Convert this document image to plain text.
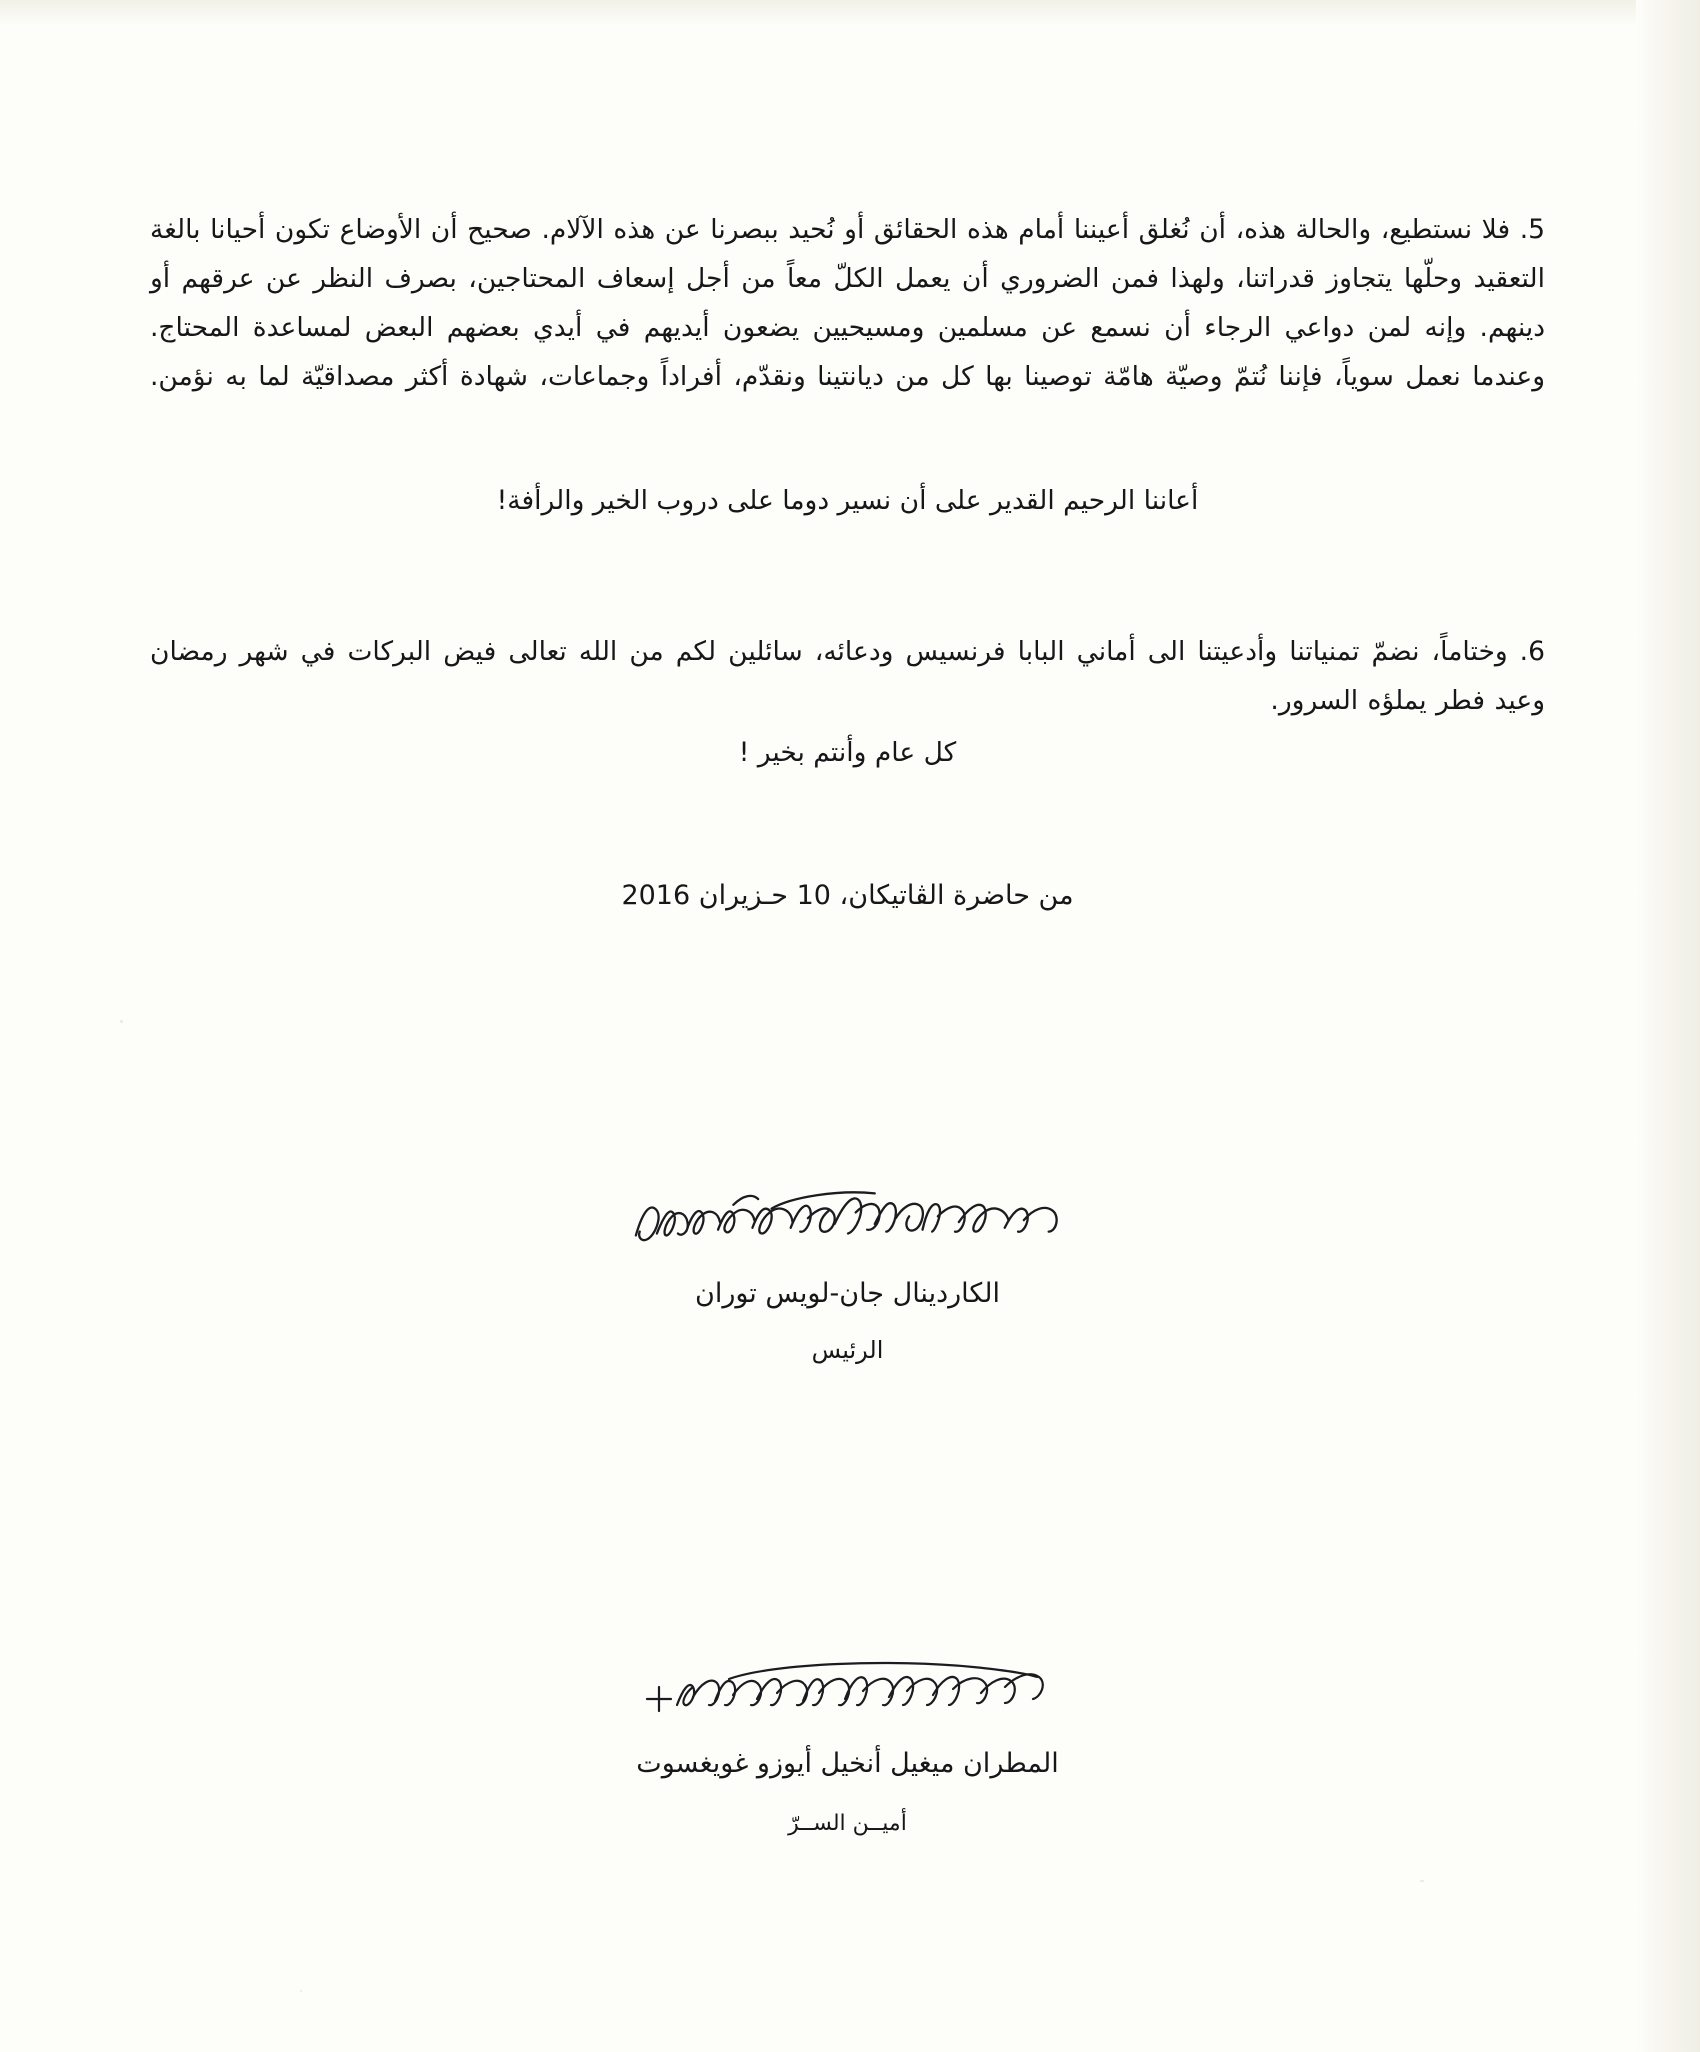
5. فلا نستطيع، والحالة هذه، أن نُغلق أعيننا أمام هذه الحقائق أو نُحيد ببصرنا عن هذه الآلام. صحيح أن الأوضاع تكون أحيانا بالغة التعقيد وحلّها يتجاوز قدراتنا، ولهذا فمن الضروري أن يعمل الكلّ معاً من أجل إسعاف المحتاجين، بصرف النظر عن عرقهم أو دينهم. وإنه لمن دواعي الرجاء أن نسمع عن مسلمين ومسيحيين يضعون أيديهم في أيدي بعضهم البعض لمساعدة المحتاج. وعندما نعمل سوياً، فإننا نُتمّ وصيّة هامّة توصينا بها كل من ديانتينا ونقدّم، أفراداً وجماعات، شهادة أكثر مصداقيّة لما به نؤمن.

أعاننا الرحيم القدير على أن نسير دوما على دروب الخير والرأفة!

6. وختاماً، نضمّ تمنياتنا وأدعيتنا الى أماني البابا فرنسيس ودعائه، سائلين لكم من الله تعالى فيض البركات في شهر رمضان وعيد فطر يملؤه السرور.

كل عام وأنتم بخير !
من حاضرة الڤاتيكان، 10 حـزيران 2016
الكاردينال جان-لويس توران
الرئيس
المطران ميغيل أنخيل أيوزو غويغسوت
أميــن الســرّ
